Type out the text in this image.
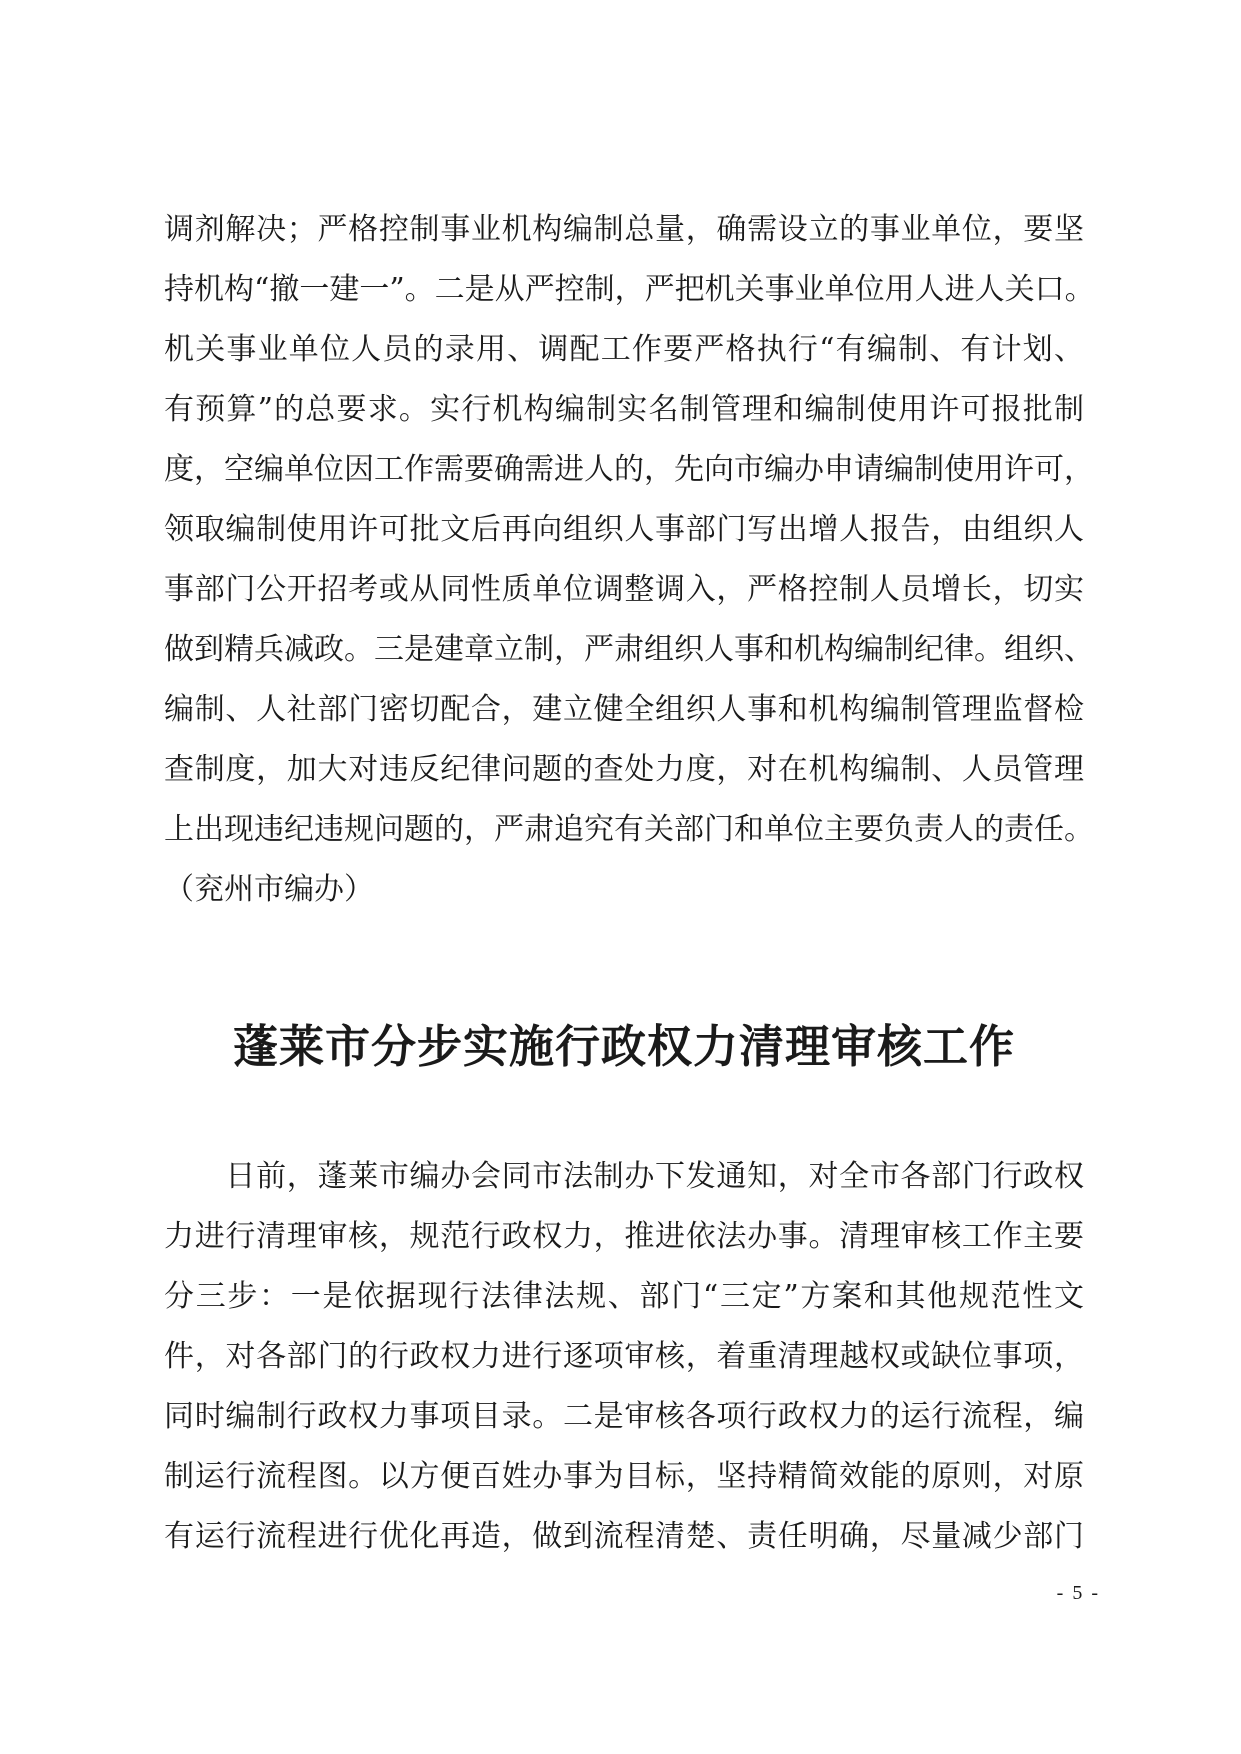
调剂解决；严格控制事业机构编制总量，确需设立的事业单位，要坚
持机构“撤一建一”。二是从严控制，严把机关事业单位用人进人关口。
机关事业单位人员的录用、调配工作要严格执行“有编制、有计划、
有预算”的总要求。实行机构编制实名制管理和编制使用许可报批制
度，空编单位因工作需要确需进人的，先向市编办申请编制使用许可，
领取编制使用许可批文后再向组织人事部门写出增人报告，由组织人
事部门公开招考或从同性质单位调整调入，严格控制人员增长，切实
做到精兵减政。三是建章立制，严肃组织人事和机构编制纪律。组织、
编制、人社部门密切配合，建立健全组织人事和机构编制管理监督检
查制度，加大对违反纪律问题的查处力度，对在机构编制、人员管理
上出现违纪违规问题的，严肃追究有关部门和单位主要负责人的责任。
（兖州市编办）
蓬莱市分步实施行政权力清理审核工作
　　日前，蓬莱市编办会同市法制办下发通知，对全市各部门行政权
力进行清理审核，规范行政权力，推进依法办事。清理审核工作主要
分三步：一是依据现行法律法规、部门“三定”方案和其他规范性文
件，对各部门的行政权力进行逐项审核，着重清理越权或缺位事项，
同时编制行政权力事项目录。二是审核各项行政权力的运行流程，编
制运行流程图。以方便百姓办事为目标，坚持精简效能的原则，对原
有运行流程进行优化再造，做到流程清楚、责任明确，尽量减少部门
- 5 -
